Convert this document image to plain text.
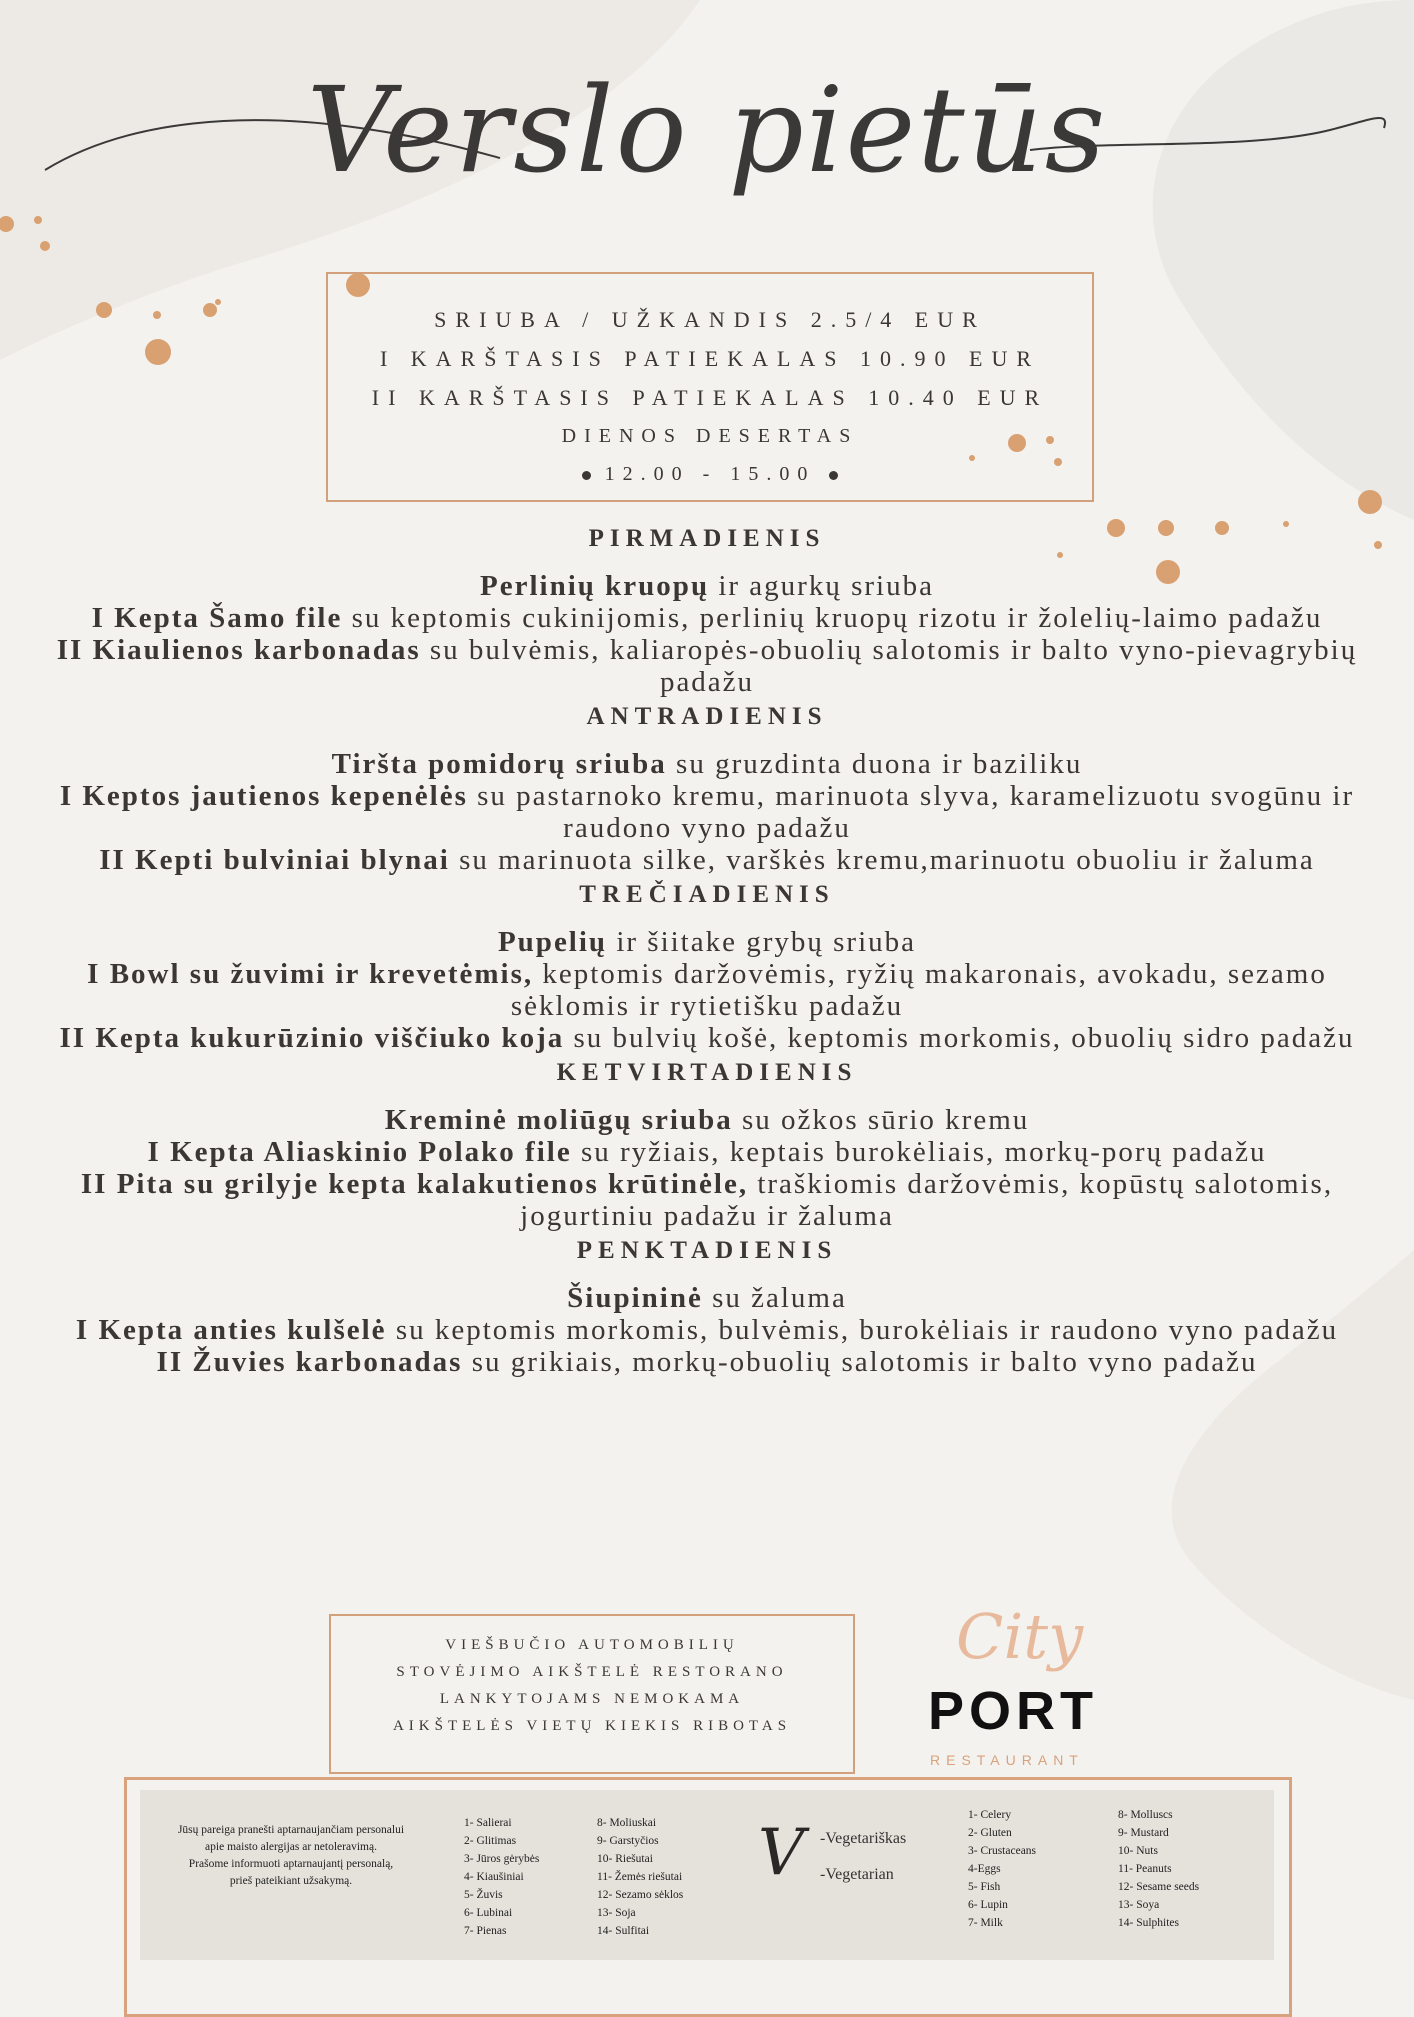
Verslo pietūs
SRIUBA / UŽKANDIS 2.5/4 EUR
I KARŠTASIS PATIEKALAS 10.90 EUR
II KARŠTASIS PATIEKALAS 10.40 EUR
DIENOS DESERTAS
12.00 - 15.00
PIRMADIENIS
Perlinių kruopų ir agurkų sriuba
I Kepta Šamo file su keptomis cukinijomis, perlinių kruopų rizotu ir žolelių-laimo padažu
II Kiaulienos karbonadas su bulvėmis, kaliaropės-obuolių salotomis ir balto vyno-pievagrybių padažu
ANTRADIENIS
Tiršta pomidorų sriuba su gruzdinta duona ir baziliku
I Keptos jautienos kepenėlės su pastarnoko kremu, marinuota slyva, karamelizuotu svogūnu ir raudono vyno padažu
II Kepti bulviniai blynai su marinuota silke, varškės kremu,marinuotu obuoliu ir žaluma
TREČIADIENIS
Pupelių ir šiitake grybų sriuba
I Bowl su žuvimi ir krevetėmis, keptomis daržovėmis, ryžių makaronais, avokadu, sezamo sėklomis ir rytietišku padažu
II Kepta kukurūzinio viščiuko koja su bulvių košė, keptomis morkomis, obuolių sidro padažu
KETVIRTADIENIS
Kreminė moliūgų sriuba su ožkos sūrio kremu
I Kepta Aliaskinio Polako file su ryžiais, keptais burokėliais, morkų-porų padažu
II Pita su grilyje kepta kalakutienos krūtinėle, traškiomis daržovėmis, kopūstų salotomis, jogurtiniu padažu ir žaluma
PENKTADIENIS
Šiupininė su žaluma
I Kepta anties kulšelė su keptomis morkomis, bulvėmis, burokėliais ir raudono vyno padažu
II Žuvies karbonadas su grikiais, morkų-obuolių salotomis ir balto vyno padažu
VIEŠBUČIO AUTOMOBILIŲ
STOVĖJIMO AIKŠTELĖ RESTORANO
LANKYTOJAMS NEMOKAMA
AIKŠTELĖS VIETŲ KIEKIS RIBOTAS
City
PORT
RESTAURANT
Jūsų pareiga pranešti aptarnaujančiam personalui
apie maisto alergijas ar netoleravimą.
Prašome informuoti aptarnaujantį personalą,
prieš pateikiant užsakymą.
1- Salierai
2- Glitimas
3- Jūros gėrybės
4- Kiaušiniai
5- Žuvis
6- Lubinai
7- Pienas
8- Moliuskai
9- Garstyčios
10- Riešutai
11- Žemės riešutai
12- Sezamo sėklos
13- Soja
14- Sulfitai
V -Vegetariškas
-Vegetarian
1- Celery
2- Gluten
3- Crustaceans
4-Eggs
5- Fish
6- Lupin
7- Milk
8- Molluscs
9- Mustard
10- Nuts
11- Peanuts
12- Sesame seeds
13- Soya
14- Sulphites
